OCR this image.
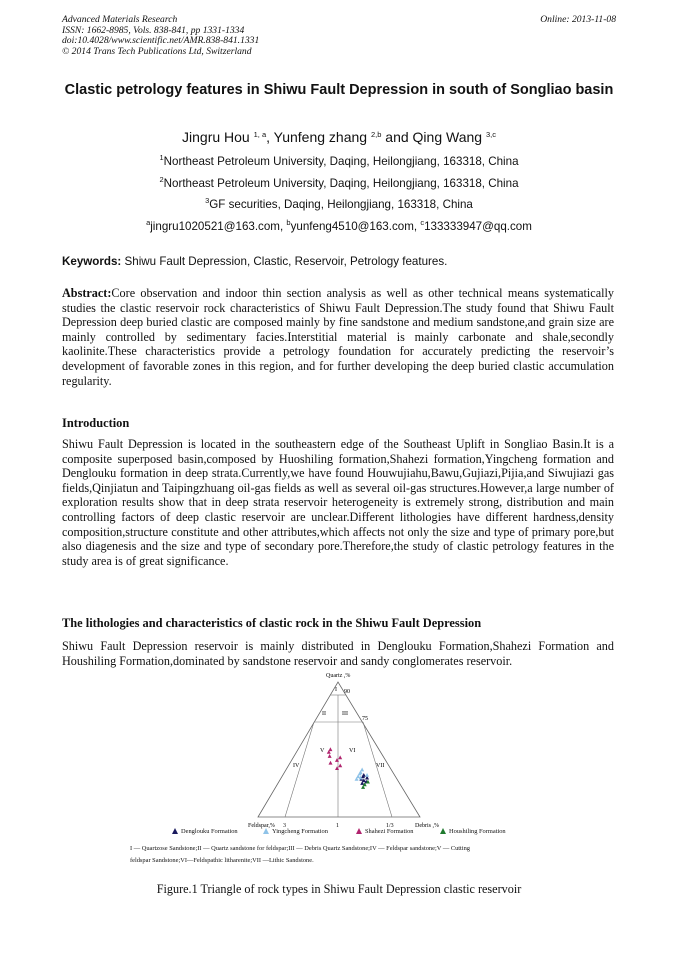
Advanced Materials Research
ISSN: 1662-8985, Vols. 838-841, pp 1331-1334
doi:10.4028/www.scientific.net/AMR.838-841.1331
© 2014 Trans Tech Publications Ltd, Switzerland
Online: 2013-11-08
Clastic petrology features in Shiwu Fault Depression in south of Songliao basin
Jingru Hou $^{1, a}$, Yunfeng zhang $^{2,b}$ and Qing Wang $^{3,c}$
$^1$Northeast Petroleum University, Daqing, Heilongjiang, 163318, China
$^2$Northeast Petroleum University, Daqing, Heilongjiang, 163318, China
$^3$GF securities, Daqing, Heilongjiang, 163318, China
$^a$jingru1020521@163.com, $^b$yunfeng4510@163.com, $^c$133333947@qq.com
Keywords: Shiwu Fault Depression, Clastic, Reservoir, Petrology features.
Abstract:Core observation and indoor thin section analysis as well as other technical means systematically studies the clastic reservoir rock characteristics of Shiwu Fault Depression.The study found that Shiwu Fault Depression deep buried clastic are composed mainly by fine sandstone and medium sandstone,and grain size are mainly controlled by sedimentary facies.Interstitial material is mainly carbonate and shale,secondly kaolinite.These characteristics provide a petrology foundation for accurately predicting the reservoir’s development of favorable zones in this region, and for further developing the deep buried clastic accumulation regularity.
Introduction
Shiwu Fault Depression is located in the southeastern edge of the Southeast Uplift in Songliao Basin.It is a composite superposed basin,composed by Huoshiling formation,Shahezi formation,Yingcheng formation and Denglouku formation in deep strata.Currently,we have found Houwujiahu,Bawu,Gujiazi,Pijia,and Siwujiazi gas fields,Qinjiatun and Taipingzhuang oil-gas fields as well as several oil-gas structures.However,a large number of exploration results show that in deep strata reservoir heterogeneity is extremely strong, distribution and main controlling factors of deep clastic reservoir are unclear.Different lithologies have different hardness,density composition,structure constitute and other attributes,which affects not only the size and type of primary pore,but also diagenesis and the size and type of secondary pore.Therefore,the study of clastic petrology features in the study area is of great significance.
The lithologies and characteristics of clastic rock in the Shiwu Fault Depression
Shiwu Fault Depression reservoir is mainly distributed in Denglouku Formation,Shahezi Formation and Houshiling Formation,dominated by sandstone reservoir and sandy conglomerates reservoir.
Quartz ,%
90
75
II	III
I
IV
V	VI
VII
Feldspar,% 3	1	1/3	Debris ,%
Denglouku Formation	Yingcheng Formation	Shahezi Formation	Houshiling Formation
I — Quartzose Sandstone;II — Quartz sandstone for feldspar;III — Debris Quartz Sandstone;IV — Feldspar sandstone;V — Cutting
feldspar Sandstone;VI—Feldspathic litharenite;VII —Lithic Sandstone.
Figure.1 Triangle of rock types in Shiwu Fault Depression clastic reservoir
